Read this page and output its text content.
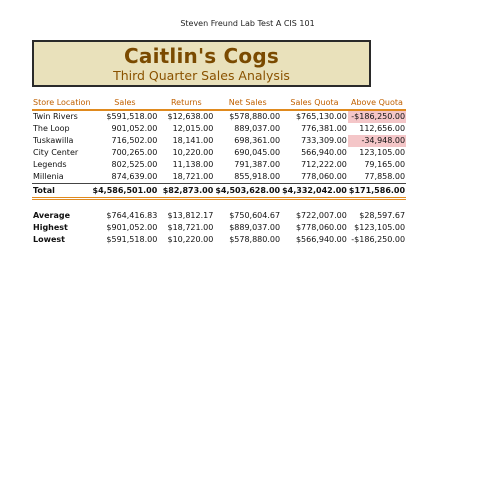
Steven Freund Lab Test A CIS 101
Caitlin's Cogs
Third Quarter Sales Analysis
Store Location	Sales	Returns	Net Sales	Sales Quota	Above Quota
Twin Rivers	$591,518.00	$12,638.00	$578,880.00	$765,130.00	-$186,250.00
The Loop	901,052.00	12,015.00	889,037.00	776,381.00	112,656.00
Tuskawilla	716,502.00	18,141.00	698,361.00	733,309.00	-34,948.00
City Center	700,265.00	10,220.00	690,045.00	566,940.00	123,105.00
Legends	802,525.00	11,138.00	791,387.00	712,222.00	79,165.00
Millenia	874,639.00	18,721.00	855,918.00	778,060.00	77,858.00
Total	$4,586,501.00	$82,873.00	$4,503,628.00	$4,332,042.00	$171,586.00

Average	$764,416.83	$13,812.17	$750,604.67	$722,007.00	$28,597.67
Highest	$901,052.00	$18,721.00	$889,037.00	$778,060.00	$123,105.00
Lowest	$591,518.00	$10,220.00	$578,880.00	$566,940.00	-$186,250.00
